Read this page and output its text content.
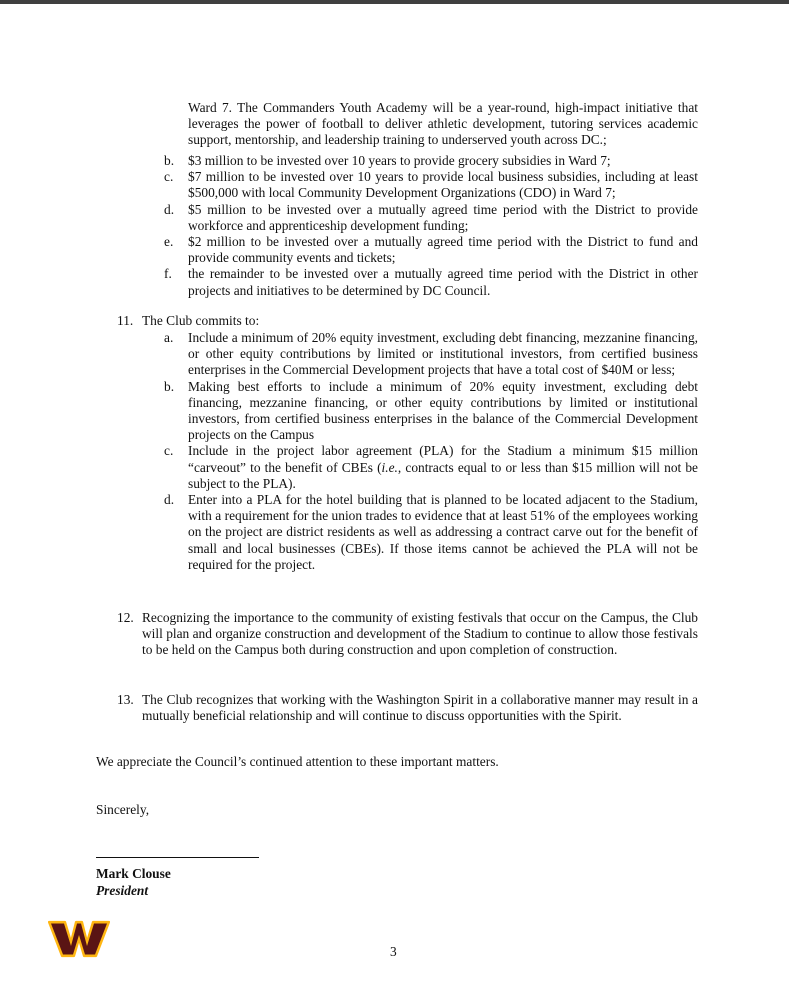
Ward 7. The Commanders Youth Academy will be a year-round, high-impact initiative that leverages the power of football to deliver athletic development, tutoring services academic support, mentorship, and leadership training to underserved youth across DC.;
b. $3 million to be invested over 10 years to provide grocery subsidies in Ward 7;
c. $7 million to be invested over 10 years to provide local business subsidies, including at least $500,000 with local Community Development Organizations (CDO) in Ward 7;
d. $5 million to be invested over a mutually agreed time period with the District to provide workforce and apprenticeship development funding;
e. $2 million to be invested over a mutually agreed time period with the District to fund and provide community events and tickets;
f. the remainder to be invested over a mutually agreed time period with the District in other projects and initiatives to be determined by DC Council.
11. The Club commits to:
a. Include a minimum of 20% equity investment, excluding debt financing, mezzanine financing, or other equity contributions by limited or institutional investors, from certified business enterprises in the Commercial Development projects that have a total cost of $40M or less;
b. Making best efforts to include a minimum of 20% equity investment, excluding debt financing, mezzanine financing, or other equity contributions by limited or institutional investors, from certified business enterprises in the balance of the Commercial Development projects on the Campus
c. Include in the project labor agreement (PLA) for the Stadium a minimum $15 million “carveout” to the benefit of CBEs (i.e., contracts equal to or less than $15 million will not be subject to the PLA).
d. Enter into a PLA for the hotel building that is planned to be located adjacent to the Stadium, with a requirement for the union trades to evidence that at least 51% of the employees working on the project are district residents as well as addressing a contract carve out for the benefit of small and local businesses (CBEs). If those items cannot be achieved the PLA will not be required for the project.
12. Recognizing the importance to the community of existing festivals that occur on the Campus, the Club will plan and organize construction and development of the Stadium to continue to allow those festivals to be held on the Campus both during construction and upon completion of construction.
13. The Club recognizes that working with the Washington Spirit in a collaborative manner may result in a mutually beneficial relationship and will continue to discuss opportunities with the Spirit.
We appreciate the Council’s continued attention to these important matters.
Sincerely,
Mark Clouse
President
3
